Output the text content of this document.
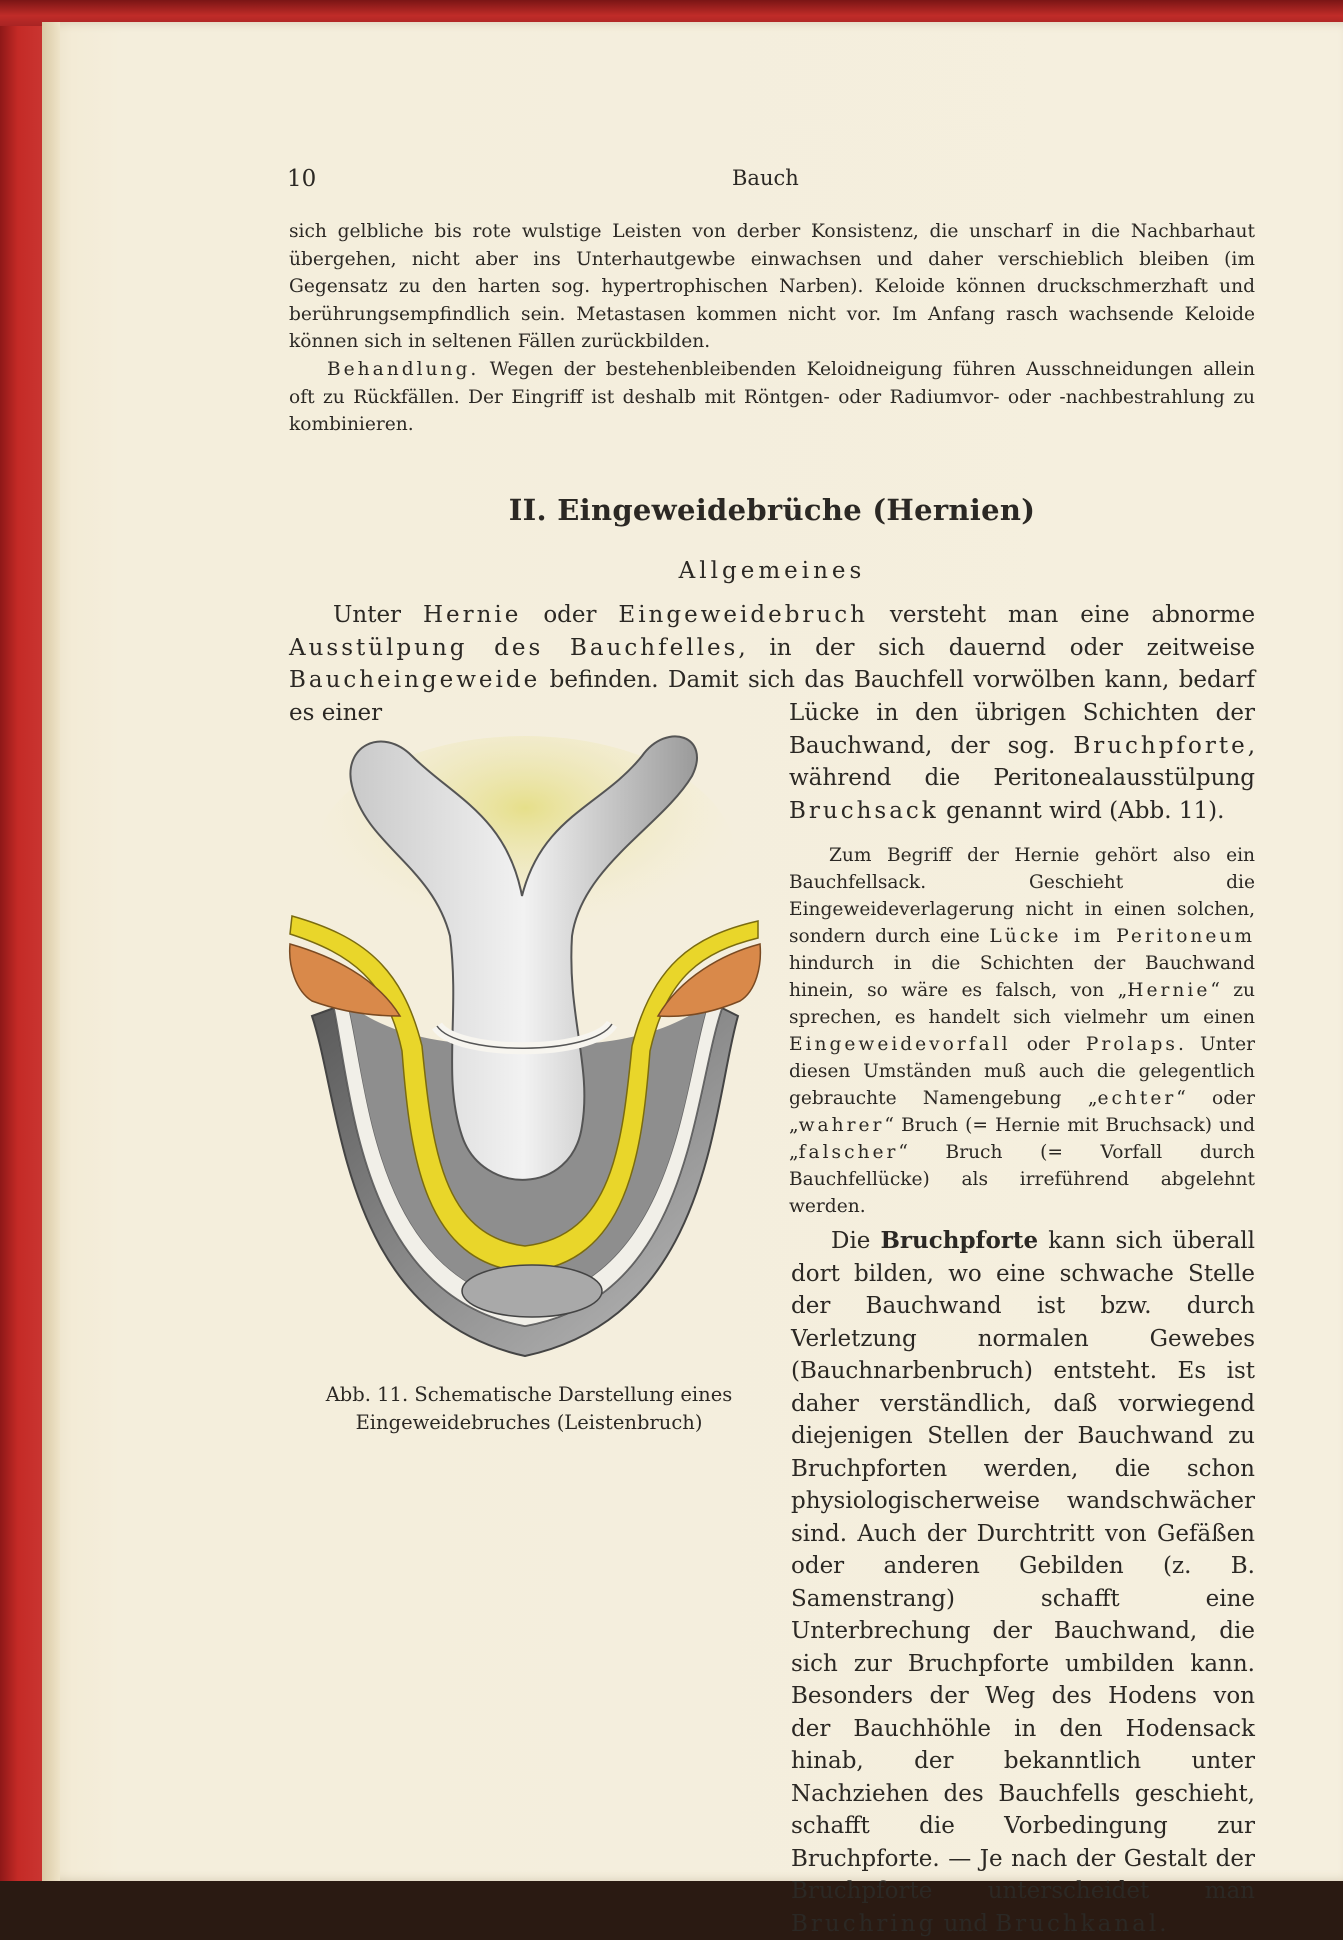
10	Bauch

sich gelbliche bis rote wulstige Leisten von derber Konsistenz, die unscharf in die Nachbarhaut übergehen, nicht aber ins Unterhautgewbe einwachsen und daher verschieblich bleiben (im Gegensatz zu den harten sog. hypertrophischen Narben). Keloide können druckschmerzhaft und berührungsempfindlich sein. Metastasen kommen nicht vor. Im Anfang rasch wachsende Keloide können sich in seltenen Fällen zurückbilden.

Behandlung. Wegen der bestehenbleibenden Keloidneigung führen Ausschneidungen allein oft zu Rückfällen. Der Eingriff ist deshalb mit Röntgen- oder Radiumvor- oder -nachbestrahlung zu kombinieren.

II. Eingeweidebrüche (Hernien)
Allgemeines

Unter Hernie oder Eingeweidebruch versteht man eine abnorme Ausstülpung des Bauchfelles, in der sich dauernd oder zeitweise Baucheingeweide befinden. Damit sich das Bauchfell vorwölben kann, bedarf es einer	Lücke in den übrigen Schichten der Bauchwand, der sog. Bruchpforte, während die Peritonealausstülpung Bruchsack genannt wird (Abb. 11).

Zum Begriff der Hernie gehört also ein Bauchfellsack. Geschieht die Eingeweideverlagerung nicht in einen solchen, sondern durch eine Lücke im Peritoneum hindurch in die Schichten der Bauchwand hinein, so wäre es falsch, von „Hernie“ zu sprechen, es handelt sich vielmehr um einen Eingeweidevorfall oder Prolaps. Unter diesen Umständen muß auch die gelegentlich gebrauchte Namengebung „echter“ oder „wahrer“ Bruch (= Hernie mit Bruchsack) und „falscher“ Bruch (= Vorfall durch Bauchfellücke) als irreführend abgelehnt werden.

Die Bruchpforte kann sich überall dort bilden, wo eine schwache Stelle der Bauchwand ist bzw. durch Verletzung normalen Gewebes (Bauchnarbenbruch) entsteht. Es ist daher verständlich, daß vorwiegend diejenigen Stellen der Bauchwand zu Bruchpforten werden, die schon physiologischerweise wandschwächer sind. Auch der Durchtritt von Gefäßen oder anderen Gebilden (z. B. Samenstrang) schafft eine Unterbrechung der Bauchwand, die sich zur Bruchpforte umbilden kann. Besonders der Weg des Hodens von der Bauchhöhle in den Hodensack hinab, der bekanntlich unter Nachziehen des Bauchfells geschieht, schafft die Vorbedingung zur Bruchpforte. — Je nach der Gestalt der Bruchpforte unterscheidet man Bruchring und Bruchkanal.

Abb. 11. Schematische Darstellung eines
Eingeweidebruches (Leistenbruch)
